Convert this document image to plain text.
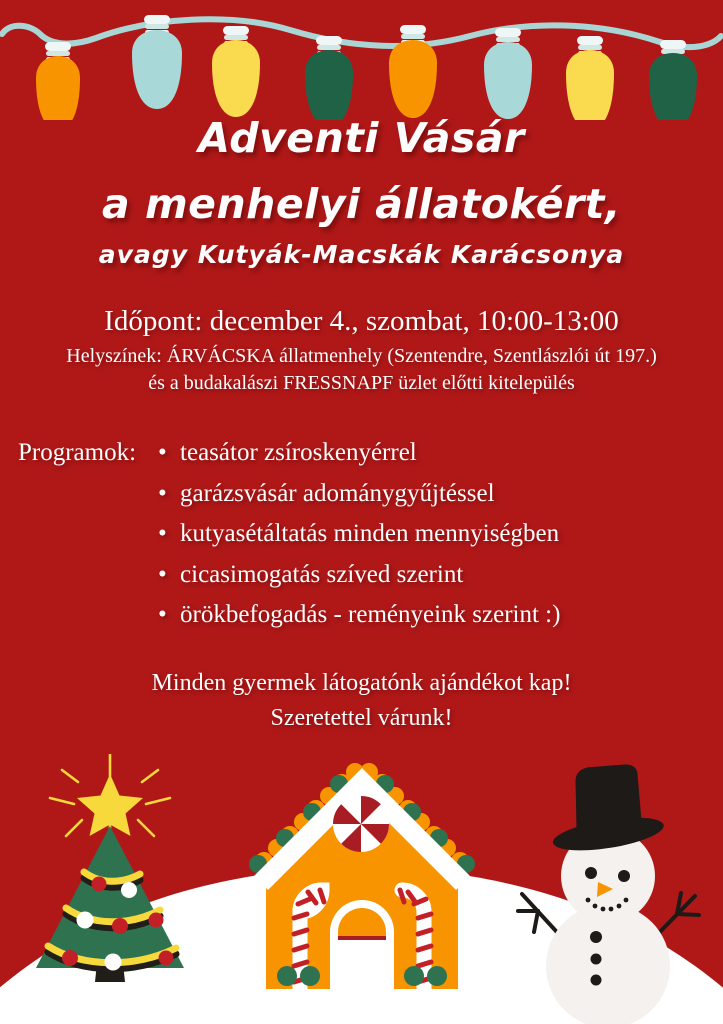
Adventi Vásár
a menhelyi állatokért,
avagy Kutyák-Macskák Karácsonya
Időpont: december 4., szombat, 10:00-13:00
Helyszínek: ÁRVÁCSKA állatmenhely (Szentendre, Szentlászlói út 197.)
és a budakalászi FRESSNAPF üzlet előtti kitelepülés
Programok:	• teasátor zsíroskenyérrel
• garázsvásár adománygyűjtéssel
• kutyasétáltatás minden mennyiségben
• cicasimogatás szíved szerint
• örökbefogadás - reményeink szerint :)
Minden gyermek látogatónk ajándékot kap!
Szeretettel várunk!
